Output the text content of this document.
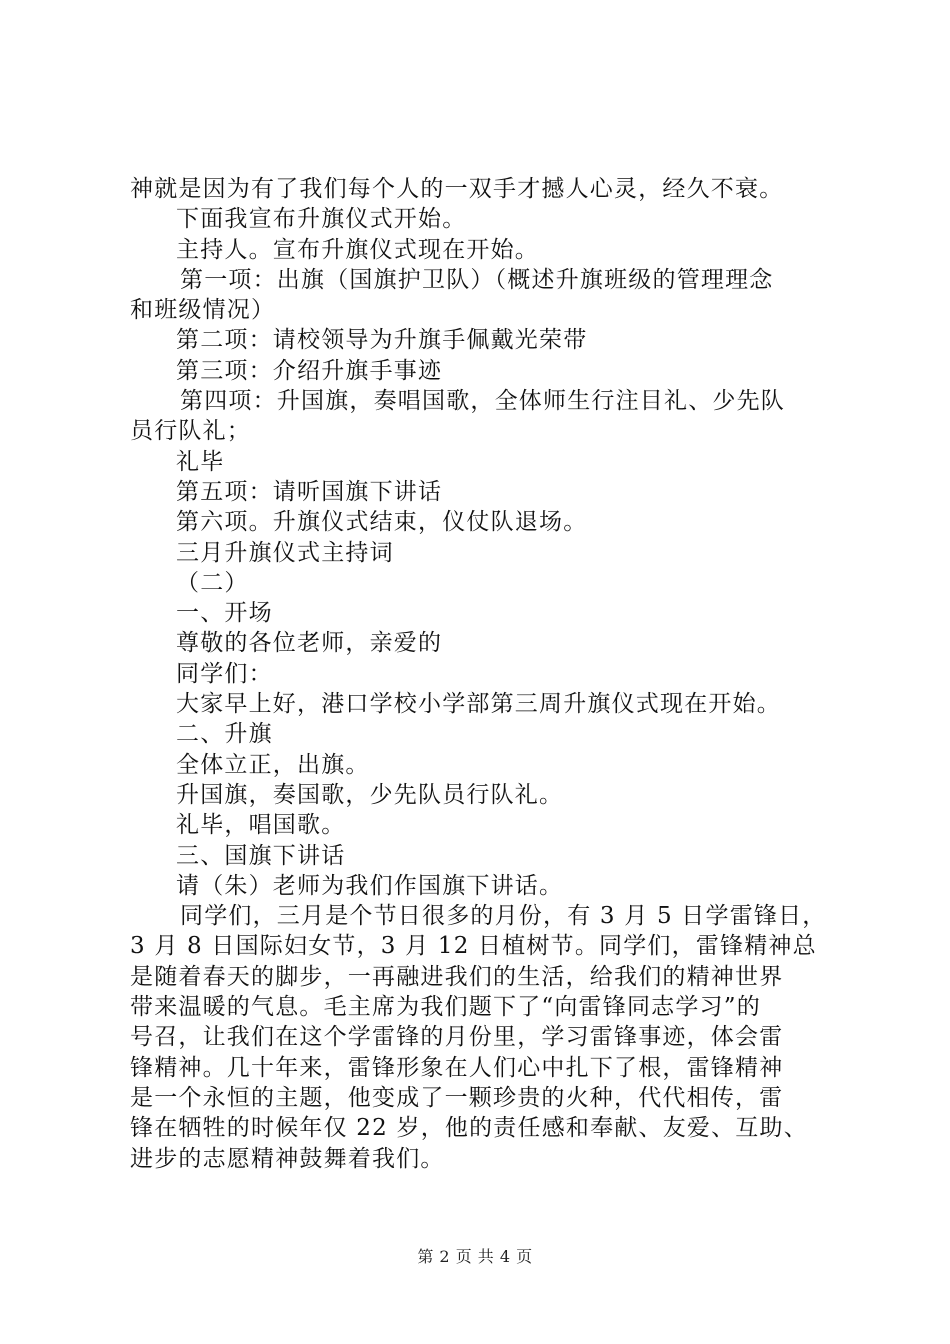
神就是因为有了我们每个人的一双手才撼人心灵，经久不衰。
下面我宣布升旗仪式开始。
主持人。宣布升旗仪式现在开始。
第一项：出旗（国旗护卫队）（概述升旗班级的管理理念
和班级情况）
第二项：请校领导为升旗手佩戴光荣带
第三项：介绍升旗手事迹
第四项：升国旗，奏唱国歌，全体师生行注目礼、少先队
员行队礼；
礼毕
第五项：请听国旗下讲话
第六项。升旗仪式结束，仪仗队退场。
三月升旗仪式主持词
（二）
一、开场
尊敬的各位老师，亲爱的
同学们：
大家早上好，港口学校小学部第三周升旗仪式现在开始。
二、升旗
全体立正，出旗。
升国旗，奏国歌，少先队员行队礼。
礼毕，唱国歌。
三、国旗下讲话
请（朱）老师为我们作国旗下讲话。
同学们，三月是个节日很多的月份，有 3 月 5 日学雷锋日，
3 月 8 日国际妇女节，3 月 12 日植树节。同学们，雷锋精神总
是随着春天的脚步，一再融进我们的生活，给我们的精神世界
带来温暖的气息。毛主席为我们题下了“向雷锋同志学习”的
号召，让我们在这个学雷锋的月份里，学习雷锋事迹，体会雷
锋精神。几十年来，雷锋形象在人们心中扎下了根，雷锋精神
是一个永恒的主题，他变成了一颗珍贵的火种，代代相传，雷
锋在牺牲的时候年仅 22 岁，他的责任感和奉献、友爱、互助、
进步的志愿精神鼓舞着我们。
第 2 页 共 4 页
